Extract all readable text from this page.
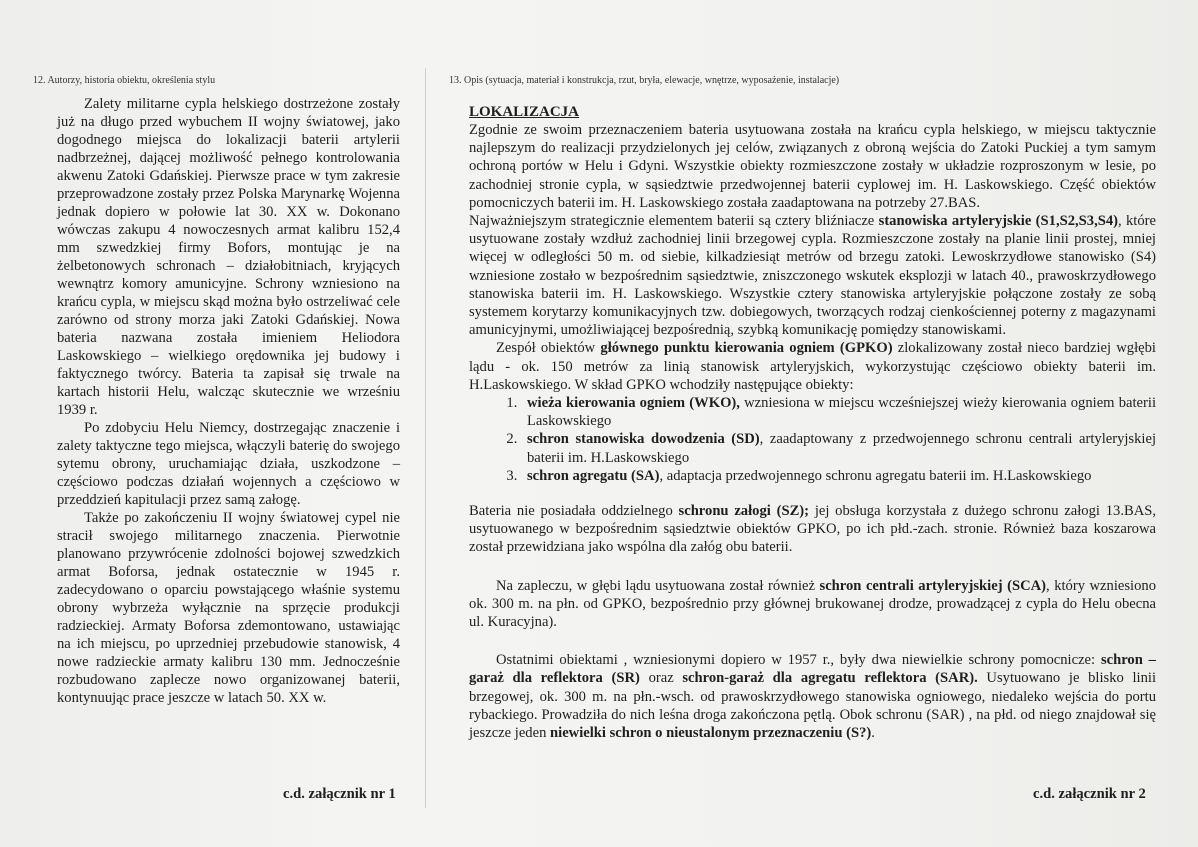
12. Autorzy, historia obiektu, określenia stylu	13. Opis (sytuacja, materiał i konstrukcja, rzut, bryła, elewacje, wnętrze, wyposażenie, instalacje)

Zalety militarne cypla helskiego dostrzeżone zostały już na długo przed wybuchem II wojny światowej, jako dogodnego miejsca do lokalizacji baterii artylerii nadbrzeżnej, dającej możliwość pełnego kontrolowania akwenu Zatoki Gdańskiej. Pierwsze prace w tym zakresie przeprowadzone zostały przez Polska Marynarkę Wojenna jednak dopiero w połowie lat 30. XX w. Dokonano wówczas zakupu 4 nowoczesnych armat kalibru 152,4 mm szwedzkiej firmy Bofors, montując je na żelbetonowych schronach – działobitniach, kryjących wewnątrz komory amunicyjne. Schrony wzniesiono na krańcu cypla, w miejscu skąd można było ostrzeliwać cele zarówno od strony morza jaki Zatoki Gdańskiej. Nowa bateria nazwana została imieniem Heliodora Laskowskiego – wielkiego orędownika jej budowy i faktycznego twórcy. Bateria ta zapisał się trwale na kartach historii Helu, walcząc skutecznie we wrześniu 1939 r.

Po zdobyciu Helu Niemcy, dostrzegając znaczenie i zalety taktyczne tego miejsca, włączyli baterię do swojego sytemu obrony, uruchamiając działa, uszkodzone – częściowo podczas działań wojennych a częściowo w przeddzień kapitulacji przez samą załogę.

Także po zakończeniu II wojny światowej cypel nie stracił swojego militarnego znaczenia. Pierwotnie planowano przywrócenie zdolności bojowej szwedzkich armat Boforsa, jednak ostatecznie w 1945 r. zadecydowano o oparciu powstającego właśnie systemu obrony wybrzeża wyłącznie na sprzęcie produkcji radzieckiej. Armaty Boforsa zdemontowano, ustawiając na ich miejscu, po uprzedniej przebudowie stanowisk, 4 nowe radzieckie armaty kalibru 130 mm. Jednocześnie rozbudowano zaplecze nowo organizowanej baterii, kontynuując prace jeszcze w latach 50. XX w.

c.d. załącznik nr 1

LOKALIZACJA

Zgodnie ze swoim przeznaczeniem bateria usytuowana została na krańcu cypla helskiego, w miejscu taktycznie najlepszym do realizacji przydzielonych jej celów, związanych z obroną wejścia do Zatoki Puckiej a tym samym ochroną portów w Helu i Gdyni. Wszystkie obiekty rozmieszczone zostały w układzie rozproszonym w lesie, po zachodniej stronie cypla, w sąsiedztwie przedwojennej baterii cyplowej im. H. Laskowskiego. Część obiektów pomocniczych baterii im. H. Laskowskiego została zaadaptowana na potrzeby 27.BAS.

Najważniejszym strategicznie elementem baterii są cztery bliźniacze stanowiska artyleryjskie (S1,S2,S3,S4), które usytuowane zostały wzdłuż zachodniej linii brzegowej cypla. Rozmieszczone zostały na planie linii prostej, mniej więcej w odległości 50 m. od siebie, kilkadziesiąt metrów od brzegu zatoki. Lewoskrzydłowe stanowisko (S4) wzniesione zostało w bezpośrednim sąsiedztwie, zniszczonego wskutek eksplozji w latach 40., prawoskrzydłowego stanowiska baterii im. H. Laskowskiego. Wszystkie cztery stanowiska artyleryjskie połączone zostały ze sobą systemem korytarzy komunikacyjnych tzw. dobiegowych, tworzących rodzaj cienkościennej poterny z magazynami amunicyjnymi, umożliwiającej bezpośrednią, szybką komunikację pomiędzy stanowiskami.

Zespół obiektów głównego punktu kierowania ogniem (GPKO) zlokalizowany został nieco bardziej wgłębi lądu - ok. 150 metrów za linią stanowisk artyleryjskich, wykorzystując częściowo obiekty baterii im. H.Laskowskiego. W skład GPKO wchodziły następujące obiekty:

1. wieża kierowania ogniem (WKO), wzniesiona w miejscu wcześniejszej wieży kierowania ogniem baterii Laskowskiego
2. schron stanowiska dowodzenia (SD), zaadaptowany z przedwojennego schronu centrali artyleryjskiej baterii im. H.Laskowskiego
3. schron agregatu (SA), adaptacja przedwojennego schronu agregatu baterii im. H.Laskowskiego

Bateria nie posiadała oddzielnego schronu załogi (SZ); jej obsługa korzystała z dużego schronu załogi 13.BAS, usytuowanego w bezpośrednim sąsiedztwie obiektów GPKO, po ich płd.-zach. stronie. Również baza koszarowa został przewidziana jako wspólna dla załóg obu baterii.

Na zapleczu, w głębi lądu usytuowana został również schron centrali artyleryjskiej (SCA), który wzniesiono ok. 300 m. na płn. od GPKO, bezpośrednio przy głównej brukowanej drodze, prowadzącej z cypla do Helu obecna ul. Kuracyjna).

Ostatnimi obiektami , wzniesionymi dopiero w 1957 r., były dwa niewielkie schrony pomocnicze: schron – garaż dla reflektora (SR) oraz schron-garaż dla agregatu reflektora (SAR). Usytuowano je blisko linii brzegowej, ok. 300 m. na płn.-wsch. od prawoskrzydłowego stanowiska ogniowego, niedaleko wejścia do portu rybackiego. Prowadziła do nich leśna droga zakończona pętlą. Obok schronu (SAR) , na płd. od niego znajdował się jeszcze jeden niewielki schron o nieustalonym przeznaczeniu (S?).

c.d. załącznik nr 2
